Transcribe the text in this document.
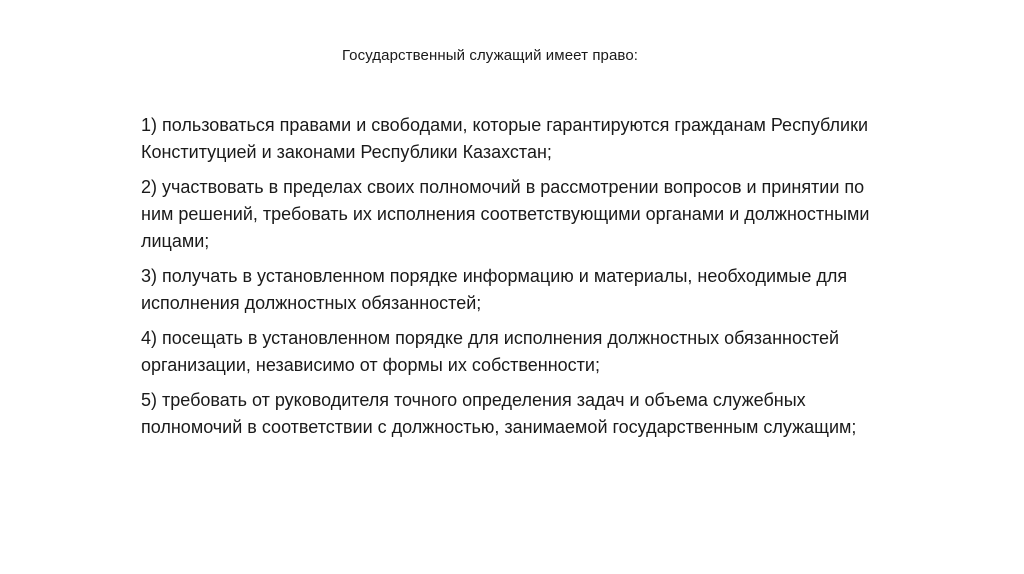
Государственный служащий имеет право:
1) пользоваться правами и свободами, которые гарантируются гражданам Республики Конституцией и законами Республики Казахстан;
2) участвовать в пределах своих полномочий в рассмотрении вопросов и принятии по ним решений, требовать их исполнения соответствующими органами и должностными лицами;
3) получать в установленном порядке информацию и материалы, необходимые для исполнения должностных обязанностей;
4) посещать в установленном порядке для исполнения должностных обязанностей организации, независимо от формы их собственности;
5) требовать от руководителя точного определения задач и объема служебных полномочий в соответствии с должностью, занимаемой государственным служащим;
